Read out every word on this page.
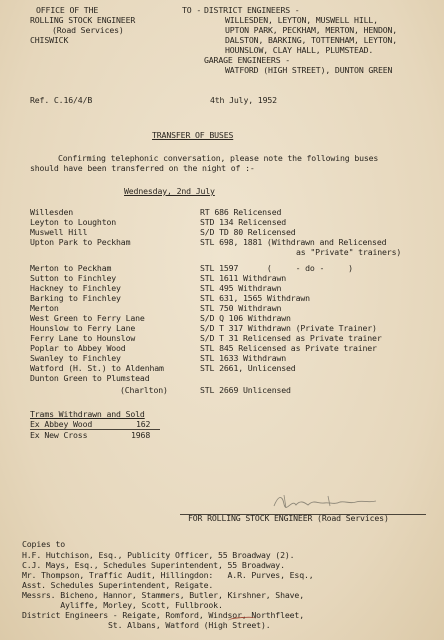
OFFICE OF THE
ROLLING STOCK ENGINEER
(Road Services)
CHISWICK
TO - DISTRICT ENGINEERS -
WILLESDEN, LEYTON, MUSWELL HILL,
UPTON PARK, PECKHAM, MERTON, HENDON,
DALSTON, BARKING, TOTTENHAM, LEYTON,
HOUNSLOW, CLAY HALL, PLUMSTEAD.
GARAGE ENGINEERS -
WATFORD (HIGH STREET), DUNTON GREEN
Ref. C.16/4/B	4th July, 1952
TRANSFER OF BUSES
Confirming telephonic conversation, please note the following buses
should have been transferred on the night of :-
Wednesday, 2nd July
Willesden	RT 686 Relicensed
Leyton to Loughton	STD 134 Relicensed
Muswell Hill	S/D TD 80 Relicensed
Upton Park to Peckham	STL 698, 1881 (Withdrawn and Relicensed
as "Private" trainers)
Merton to Peckham	STL 1597      (     - do -     )
Sutton to Finchley	STL 1611 Withdrawn
Hackney to Finchley	STL 495 Withdrawn
Barking to Finchley	STL 631, 1565 Withdrawn
Merton	STL 750 Withdrawn
West Green to Ferry Lane	S/D Q 106 Withdrawn
Hounslow to Ferry Lane	S/D T 317 Withdrawn (Private Trainer)
Ferry Lane to Hounslow	S/D T 31 Relicensed as Private trainer
Poplar to Abbey Wood	STL 845 Relicensed as Private trainer
Swanley to Finchley	STL 1633 Withdrawn
Watford (H. St.) to Aldenham	STL 2661, Unlicensed
Dunton Green to Plumstead
(Charlton)	STL 2669 Unlicensed
Trams Withdrawn and Sold
Ex Abbey Wood	162
Ex New Cross	1968
FOR ROLLING STOCK ENGINEER (Road Services)
Copies to
H.F. Hutchison, Esq., Publicity Officer, 55 Broadway (2).
C.J. Mays, Esq., Schedules Superintendent, 55 Broadway.
Mr. Thompson, Traffic Audit, Hillingdon:   A.R. Purves, Esq.,
Asst. Schedules Superintendent, Reigate.
Messrs. Bicheno, Hannor, Stammers, Butler, Kirshner, Shave,
Ayliffe, Morley, Scott, Fullbrook.
District Engineers - Reigate, Romford, Windsor, Northfleet,
St. Albans, Watford (High Street).
